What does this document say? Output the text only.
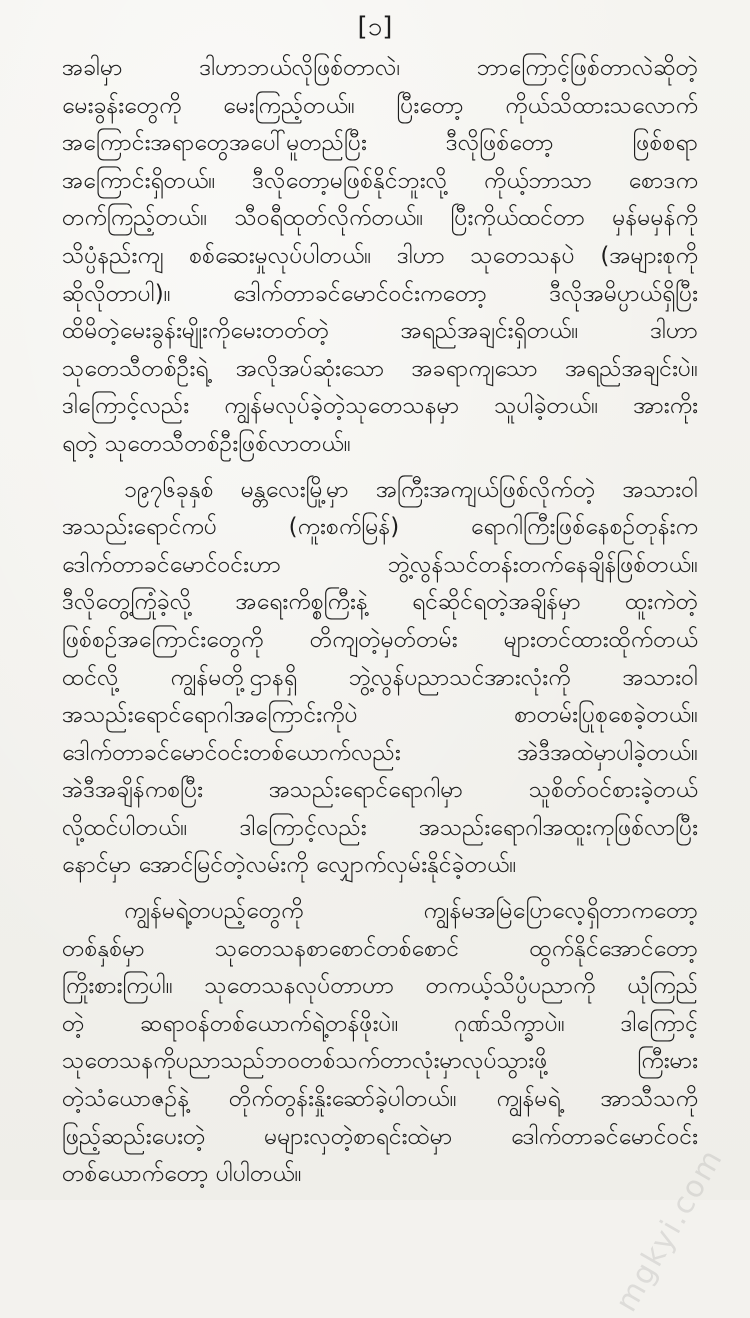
[၁]
အခါမှာ ဒါဟာဘယ်လိုဖြစ်တာလဲ၊ ဘာကြောင့်ဖြစ်တာလဲဆိုတဲ့
မေးခွန်းတွေကို မေးကြည့်တယ်။ ပြီးတော့ ကိုယ်သိထားသလောက်
အကြောင်းအရာတွေအပေါ်မူတည်ပြီး ဒီလိုဖြစ်တော့ ဖြစ်စရာ
အကြောင်းရှိတယ်။ ဒီလိုတော့မဖြစ်နိုင်ဘူးလို့ ကိုယ့်ဘာသာ စောဒက
တက်ကြည့်တယ်။ သီဝရီထုတ်လိုက်တယ်။ ပြီးကိုယ်ထင်တာ မှန်မမှန်ကို
သိပ္ပံနည်းကျ စစ်ဆေးမှုလုပ်ပါတယ်။ ဒါဟာ သုတေသနပဲ (အများစုကို
ဆိုလိုတာပါ)။ ဒေါက်တာခင်မောင်ဝင်းကတော့ ဒီလိုအမိပ္ပာယ်ရှိပြီး
ထိမိတဲ့မေးခွန်းမျိုးကိုမေးတတ်တဲ့ အရည်အချင်းရှိတယ်။ ဒါဟာ
သုတေသီတစ်ဦးရဲ့ အလိုအပ်ဆုံးသော အခရာကျသော အရည်အချင်းပဲ။
ဒါကြောင့်လည်း ကျွန်မလုပ်ခဲ့တဲ့သုတေသနမှာ သူပါခဲ့တယ်။ အားကိုး
ရတဲ့ သုတေသီတစ်ဦးဖြစ်လာတယ်။
၁၉၇၆ခုနှစ် မန္တလေးမြို့မှာ အကြီးအကျယ်ဖြစ်လိုက်တဲ့ အသားဝါ
အသည်းရောင်ကပ် (ကူးစက်မြန်) ရောဂါကြီးဖြစ်နေစဉ်တုန်းက
ဒေါက်တာခင်မောင်ဝင်းဟာ ဘွဲ့လွန်သင်တန်းတက်နေချိန်ဖြစ်တယ်။
ဒီလိုတွေ့ကြုံခဲ့လို့ အရေးကိစ္စကြီးနဲ့ ရင်ဆိုင်ရတဲ့အချိန်မှာ ထူးကဲတဲ့
ဖြစ်စဉ်အကြောင်းတွေကို တိကျတဲ့မှတ်တမ်း များတင်ထားထိုက်တယ်
ထင်လို့ ကျွန်မတို့ဌာနရှိ ဘွဲ့လွန်ပညာသင်အားလုံးကို အသားဝါ
အသည်းရောင်ရောဂါအကြောင်းကိုပဲ စာတမ်းပြုစုစေခဲ့တယ်။
ဒေါက်တာခင်မောင်ဝင်းတစ်ယောက်လည်း အဲဒီအထဲမှာပါခဲ့တယ်။
အဲဒီအချိန်ကစပြီး အသည်းရောင်ရောဂါမှာ သူစိတ်ဝင်စားခဲ့တယ်
လို့ထင်ပါတယ်။ ဒါကြောင့်လည်း အသည်းရောဂါအထူးကုဖြစ်လာပြီး
နောင်မှာ အောင်မြင်တဲ့လမ်းကို လျှောက်လှမ်းနိုင်ခဲ့တယ်။
ကျွန်မရဲ့တပည့်တွေကို ကျွန်မအမြဲပြောလေ့ရှိတာကတော့
တစ်နှစ်မှာ သုတေသနစာစောင်တစ်စောင် ထွက်နိုင်အောင်တော့
ကြိုးစားကြပါ။ သုတေသနလုပ်တာဟာ တကယ့်သိပ္ပံပညာကို ယုံကြည်
တဲ့ ဆရာဝန်တစ်ယောက်ရဲ့တန်ဖိုးပဲ။ ဂုဏ်သိက္ခာပဲ။ ဒါကြောင့်
သုတေသနကိုပညာသည်ဘဝတစ်သက်တာလုံးမှာလုပ်သွားဖို့ ကြီးမား
တဲ့သံယောဇဉ်နဲ့ တိုက်တွန်းနှိုးဆော်ခဲ့ပါတယ်။ ကျွန်မရဲ့ အာသီသကို
ဖြည့်ဆည်းပေးတဲ့ မများလှတဲ့စာရင်းထဲမှာ ဒေါက်တာခင်မောင်ဝင်း
တစ်ယောက်တော့ ပါပါတယ်။	mgkyi.com
